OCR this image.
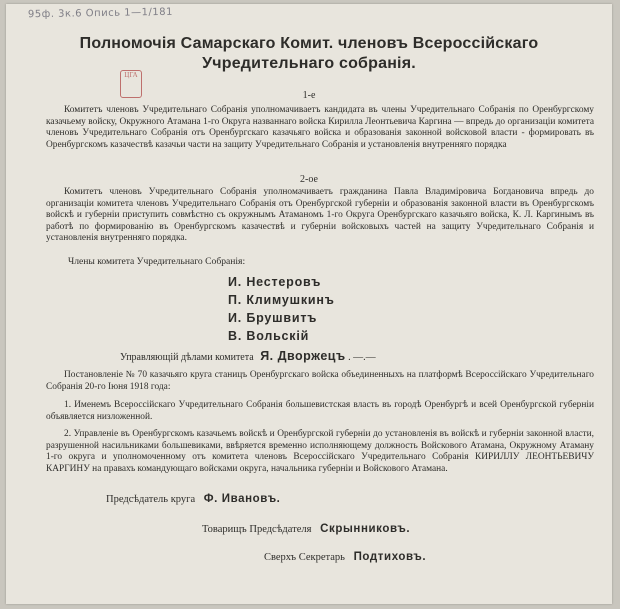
95ф. 3к.6 Опись 1—1/181
ЦГА
Полномочія Самарскаго Комит. членовъ Всероссійскаго Учредительнаго собранія.
1-е
Комитетъ членовъ Учредительнаго Собранія уполномачиваетъ кандидата въ члены Учредительнаго Собранія по Оренбургскому казачьему войску, Окружного Атамана 1-го Округа названнаго войска Кирилла Леонтьевича Каргина — впредь до организаціи комитета членовъ Учредительнаго Собранія отъ Оренбургскаго казачьяго войска и образованія законной войсковой власти - формировать въ Оренбургскомъ казачествѣ казачьи части на защиту Учредительнаго Собранія и установленія внутренняго порядка
2-ое
Комитетъ членовъ Учредительнаго Собранія уполномачиваетъ гражданина Павла Владиміровича Богдановича впредь до организаціи комитета членовъ Учредительнаго Собранія отъ Оренбургской губерніи и образованія законной власти въ Оренбургскомъ войскѣ и губерніи приступить совмѣстно съ окружнымъ Атаманомъ 1-го Округа Оренбургскаго казачьяго войска, К. Л. Каргинымъ въ работѣ по формированію въ Оренбургскомъ казачествѣ и губерніи войсковыхъ частей на защиту Учредительнаго Собранія и установленія внутренняго порядка.
Члены комитета Учредительнаго Собранія:
И. Нестеровъ
П. Климушкинъ
И. Брушвитъ
В. Вольскій
Управляющій дѣлами комитета Я. Дворжецъ . —.—
Постановленіе № 70 казачьяго круга станицъ Оренбургскаго войска объединенныхъ на платформѣ Всероссійскаго Учредительнаго Собранія 20-го Іюня 1918 года:
1. Именемъ Всероссійскаго Учредительнаго Собранія большевистская власть въ городѣ Оренбургѣ и всей Оренбургской губерніи объявляется низложенной.
2. Управленіе въ Оренбургскомъ казачьемъ войскѣ и Оренбургской губерніи до установленія въ войскѣ и губерніи законной власти, разрушенной насильниками большевиками, ввѣряется временно исполняющему должность Войскового Атамана, Окружному Атаману 1-го округа и уполномоченному отъ комитета членовъ Всероссійскаго Учредительнаго Собранія КИРИЛЛУ ЛЕОНТЬЕВИЧУ КАРГИНУ на правахъ командующаго войсками округа, начальника губерніи и Войскового Атамана.
Предсѣдатель круга Ф. Ивановъ.
Товарищъ Предсѣдателя Скрынниковъ.
Сверхъ Секретарь Подтиховъ.
